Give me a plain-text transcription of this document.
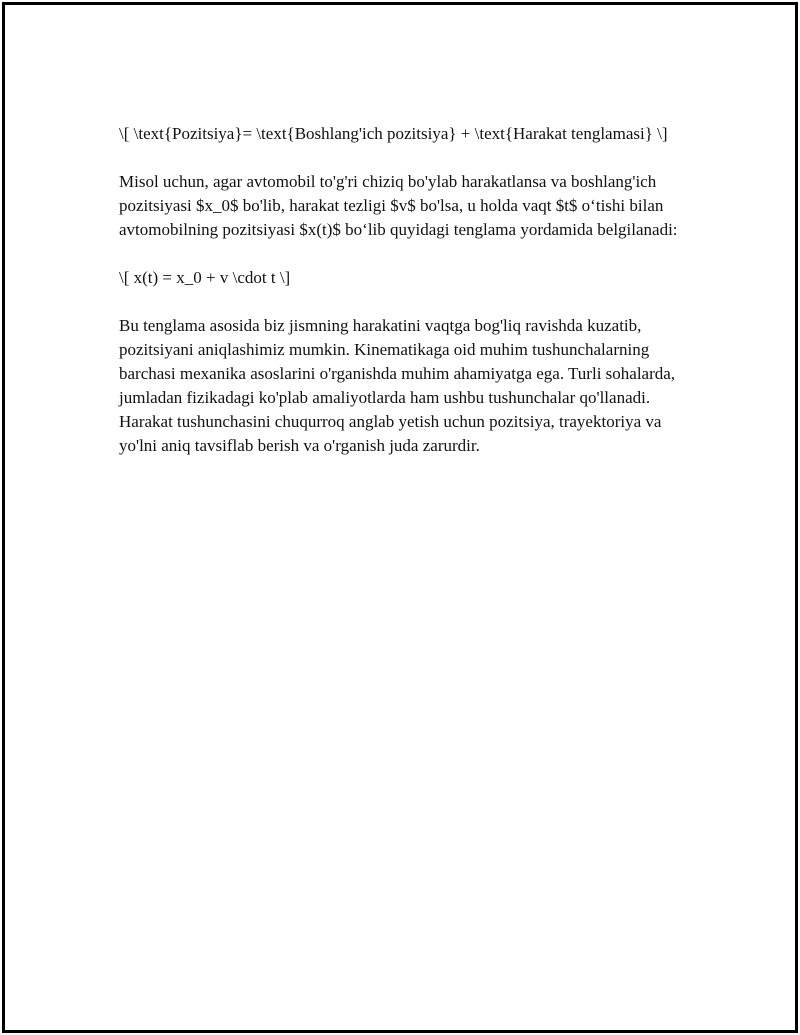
\[ \text{Pozitsiya}= \text{Boshlang'ich pozitsiya} + \text{Harakat tenglamasi} \]

Misol uchun, agar avtomobil to'g'ri chiziq bo'ylab harakatlansa va boshlang'ich pozitsiyasi $x_0$ bo'lib, harakat tezligi $v$ bo'lsa, u holda vaqt $t$ o‘tishi bilan avtomobilning pozitsiyasi $x(t)$ bo‘lib quyidagi tenglama yordamida belgilanadi:

\[ x(t) = x_0 + v \cdot t \]

Bu tenglama asosida biz jismning harakatini vaqtga bog'liq ravishda kuzatib, pozitsiyani aniqlashimiz mumkin. Kinematikaga oid muhim tushunchalarning barchasi mexanika asoslarini o'rganishda muhim ahamiyatga ega. Turli sohalarda, jumladan fizikadagi ko'plab amaliyotlarda ham ushbu tushunchalar qo'llanadi. Harakat tushunchasini chuqurroq anglab yetish uchun pozitsiya, trayektoriya va yo'lni aniq tavsiflab berish va o'rganish juda zarurdir.
